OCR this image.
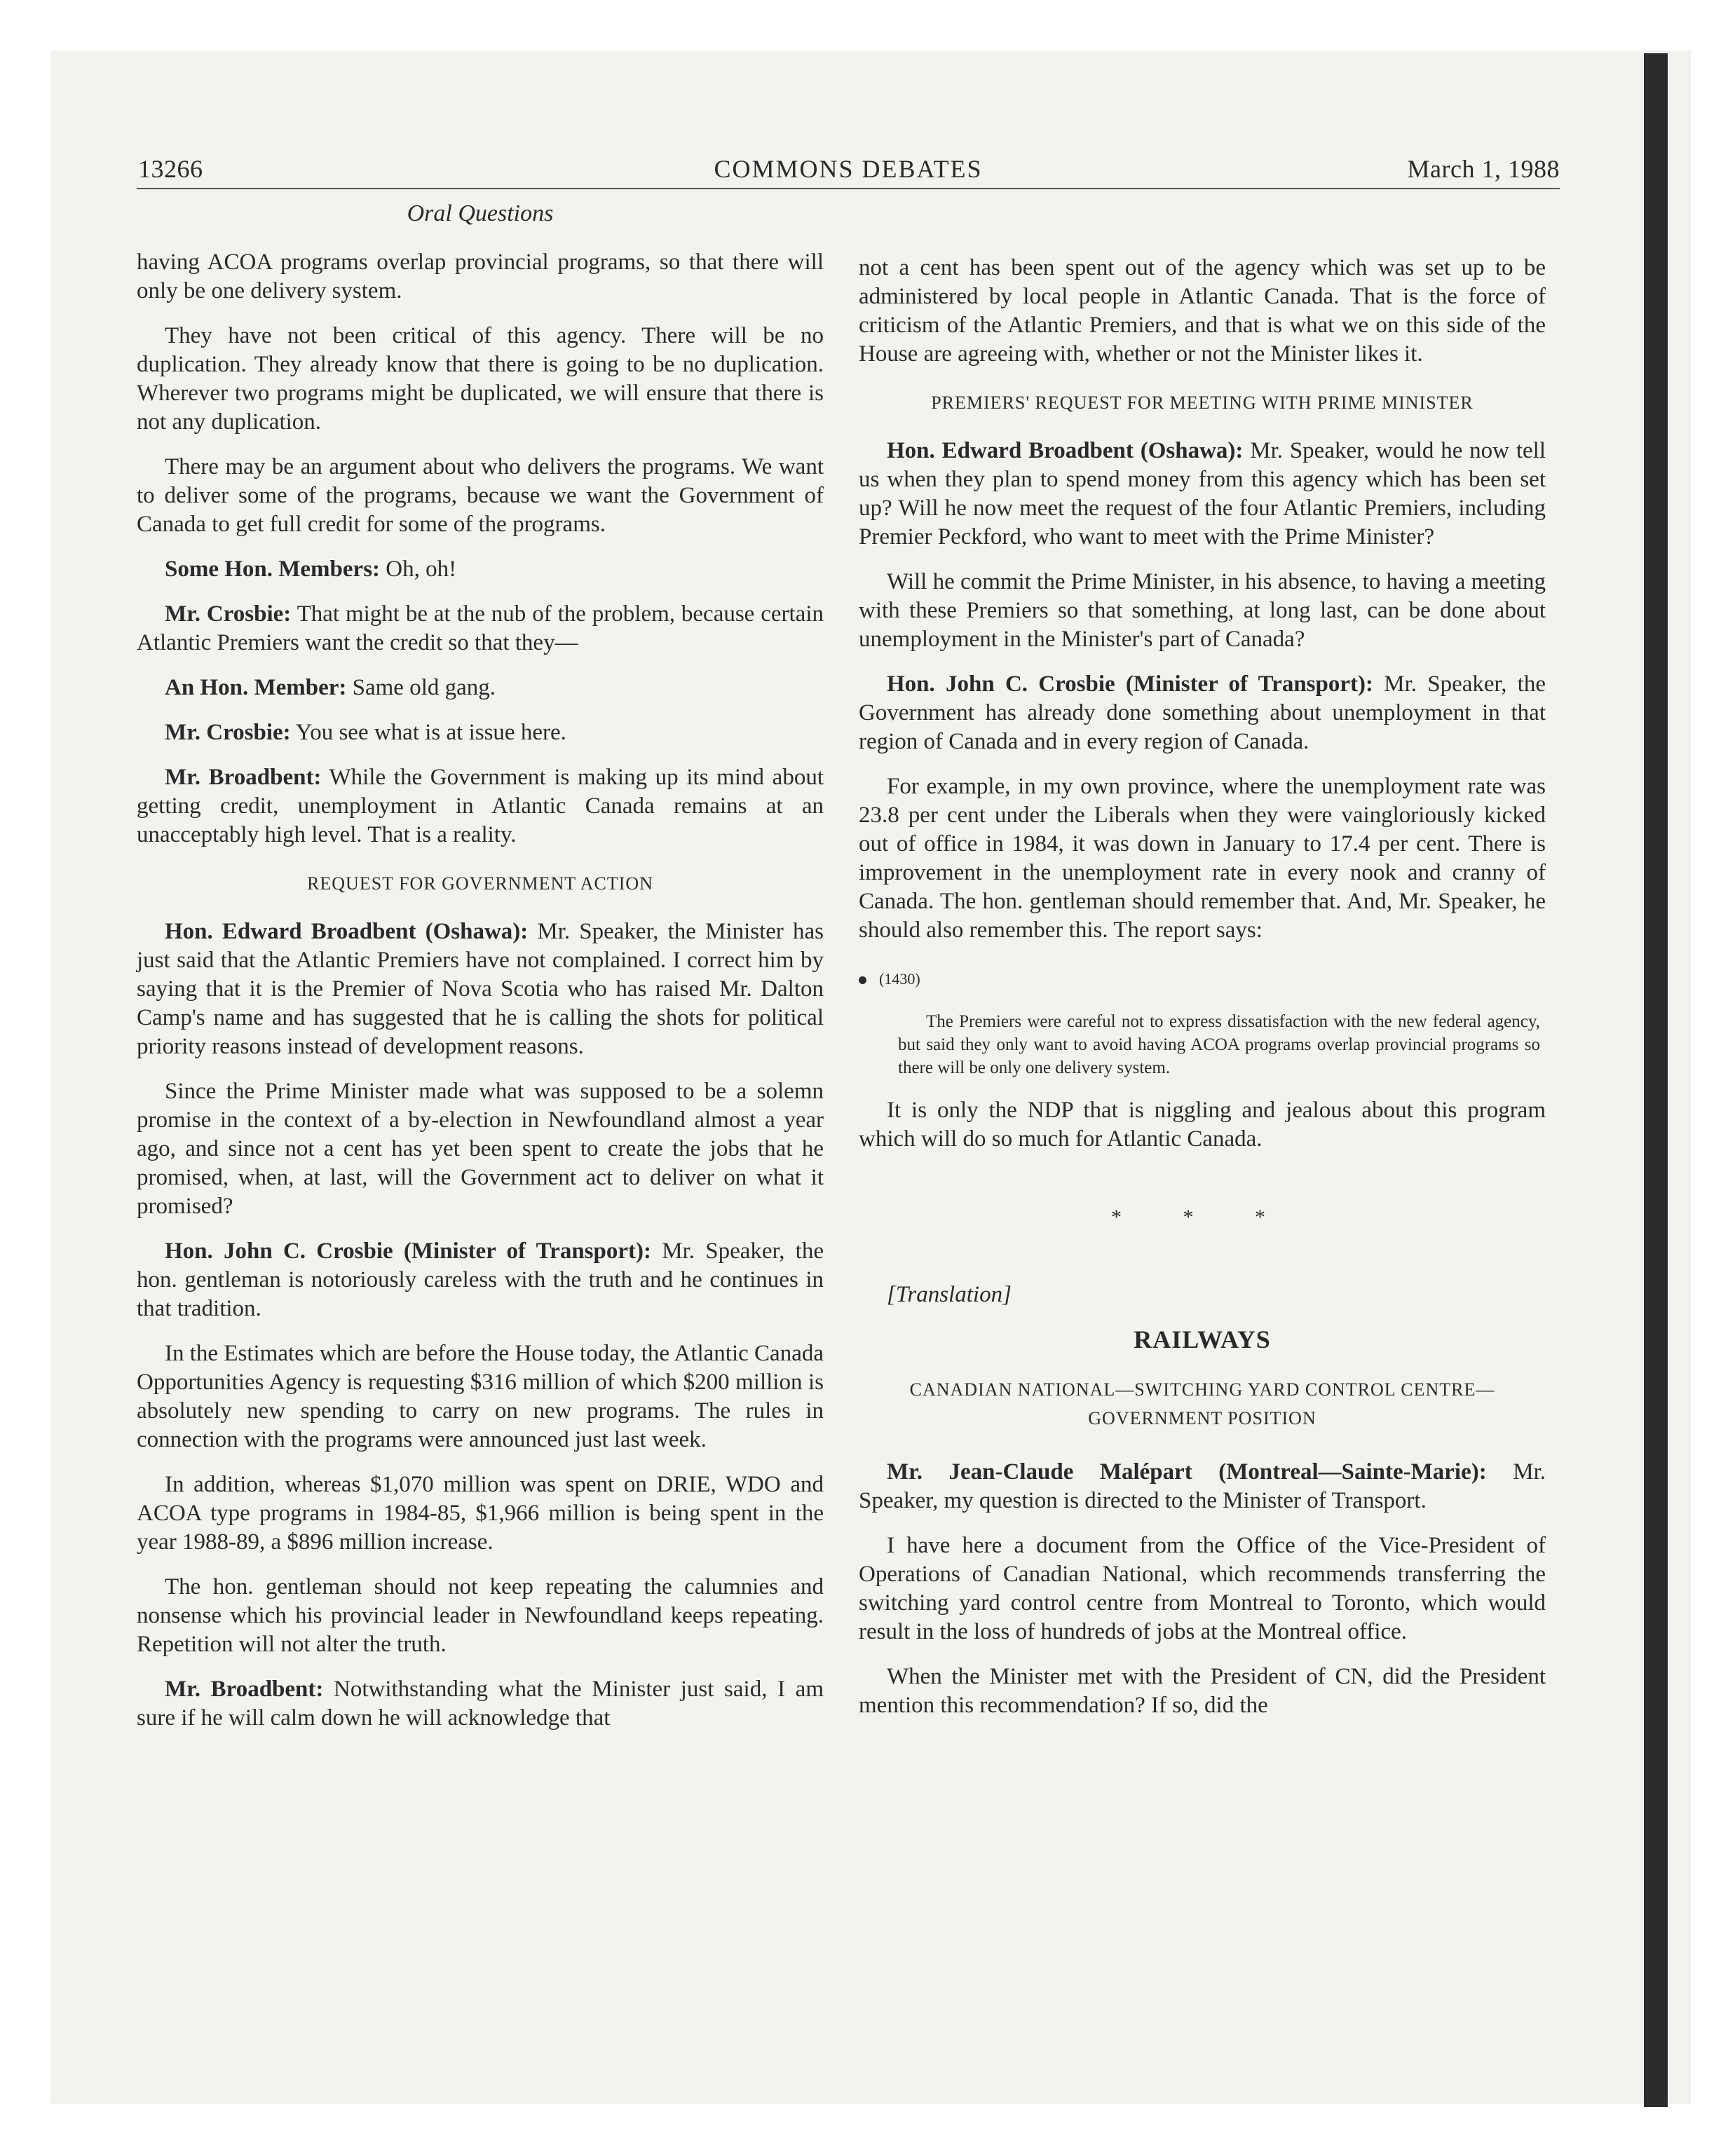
13266	COMMONS DEBATES	March 1, 1988
Oral Questions

having ACOA programs overlap provincial programs, so that there will only be one delivery system.

They have not been critical of this agency. There will be no duplication. They already know that there is going to be no duplication. Wherever two programs might be duplicated, we will ensure that there is not any duplication.

There may be an argument about who delivers the programs. We want to deliver some of the programs, because we want the Government of Canada to get full credit for some of the programs.

Some Hon. Members: Oh, oh!

Mr. Crosbie: That might be at the nub of the problem, because certain Atlantic Premiers want the credit so that they—

An Hon. Member: Same old gang.

Mr. Crosbie: You see what is at issue here.

Mr. Broadbent: While the Government is making up its mind about getting credit, unemployment in Atlantic Canada remains at an unacceptably high level. That is a reality.

REQUEST FOR GOVERNMENT ACTION

Hon. Edward Broadbent (Oshawa): Mr. Speaker, the Minister has just said that the Atlantic Premiers have not complained. I correct him by saying that it is the Premier of Nova Scotia who has raised Mr. Dalton Camp's name and has suggested that he is calling the shots for political priority reasons instead of development reasons.

Since the Prime Minister made what was supposed to be a solemn promise in the context of a by-election in Newfoundland almost a year ago, and since not a cent has yet been spent to create the jobs that he promised, when, at last, will the Government act to deliver on what it promised?

Hon. John C. Crosbie (Minister of Transport): Mr. Speaker, the hon. gentleman is notoriously careless with the truth and he continues in that tradition.

In the Estimates which are before the House today, the Atlantic Canada Opportunities Agency is requesting $316 million of which $200 million is absolutely new spending to carry on new programs. The rules in connection with the programs were announced just last week.

In addition, whereas $1,070 million was spent on DRIE, WDO and ACOA type programs in 1984-85, $1,966 million is being spent in the year 1988-89, a $896 million increase.

The hon. gentleman should not keep repeating the calumnies and nonsense which his provincial leader in Newfoundland keeps repeating. Repetition will not alter the truth.

Mr. Broadbent: Notwithstanding what the Minister just said, I am sure if he will calm down he will acknowledge that

not a cent has been spent out of the agency which was set up to be administered by local people in Atlantic Canada. That is the force of criticism of the Atlantic Premiers, and that is what we on this side of the House are agreeing with, whether or not the Minister likes it.

PREMIERS' REQUEST FOR MEETING WITH PRIME MINISTER

Hon. Edward Broadbent (Oshawa): Mr. Speaker, would he now tell us when they plan to spend money from this agency which has been set up? Will he now meet the request of the four Atlantic Premiers, including Premier Peckford, who want to meet with the Prime Minister?

Will he commit the Prime Minister, in his absence, to having a meeting with these Premiers so that something, at long last, can be done about unemployment in the Minister's part of Canada?

Hon. John C. Crosbie (Minister of Transport): Mr. Speaker, the Government has already done something about unemployment in that region of Canada and in every region of Canada.

For example, in my own province, where the unemployment rate was 23.8 per cent under the Liberals when they were vaingloriously kicked out of office in 1984, it was down in January to 17.4 per cent. There is improvement in the unemployment rate in every nook and cranny of Canada. The hon. gentleman should remember that. And, Mr. Speaker, he should also remember this. The report says:

(1430)
The Premiers were careful not to express dissatisfaction with the new federal agency, but said they only want to avoid having ACOA programs overlap provincial programs so there will be only one delivery system.

It is only the NDP that is niggling and jealous about this program which will do so much for Atlantic Canada.

* * *

[Translation]

RAILWAYS
CANADIAN NATIONAL—SWITCHING YARD CONTROL CENTRE—
GOVERNMENT POSITION

Mr. Jean-Claude Malépart (Montreal—Sainte-Marie): Mr. Speaker, my question is directed to the Minister of Transport.

I have here a document from the Office of the Vice-President of Operations of Canadian National, which recommends transferring the switching yard control centre from Montreal to Toronto, which would result in the loss of hundreds of jobs at the Montreal office.

When the Minister met with the President of CN, did the President mention this recommendation? If so, did the
